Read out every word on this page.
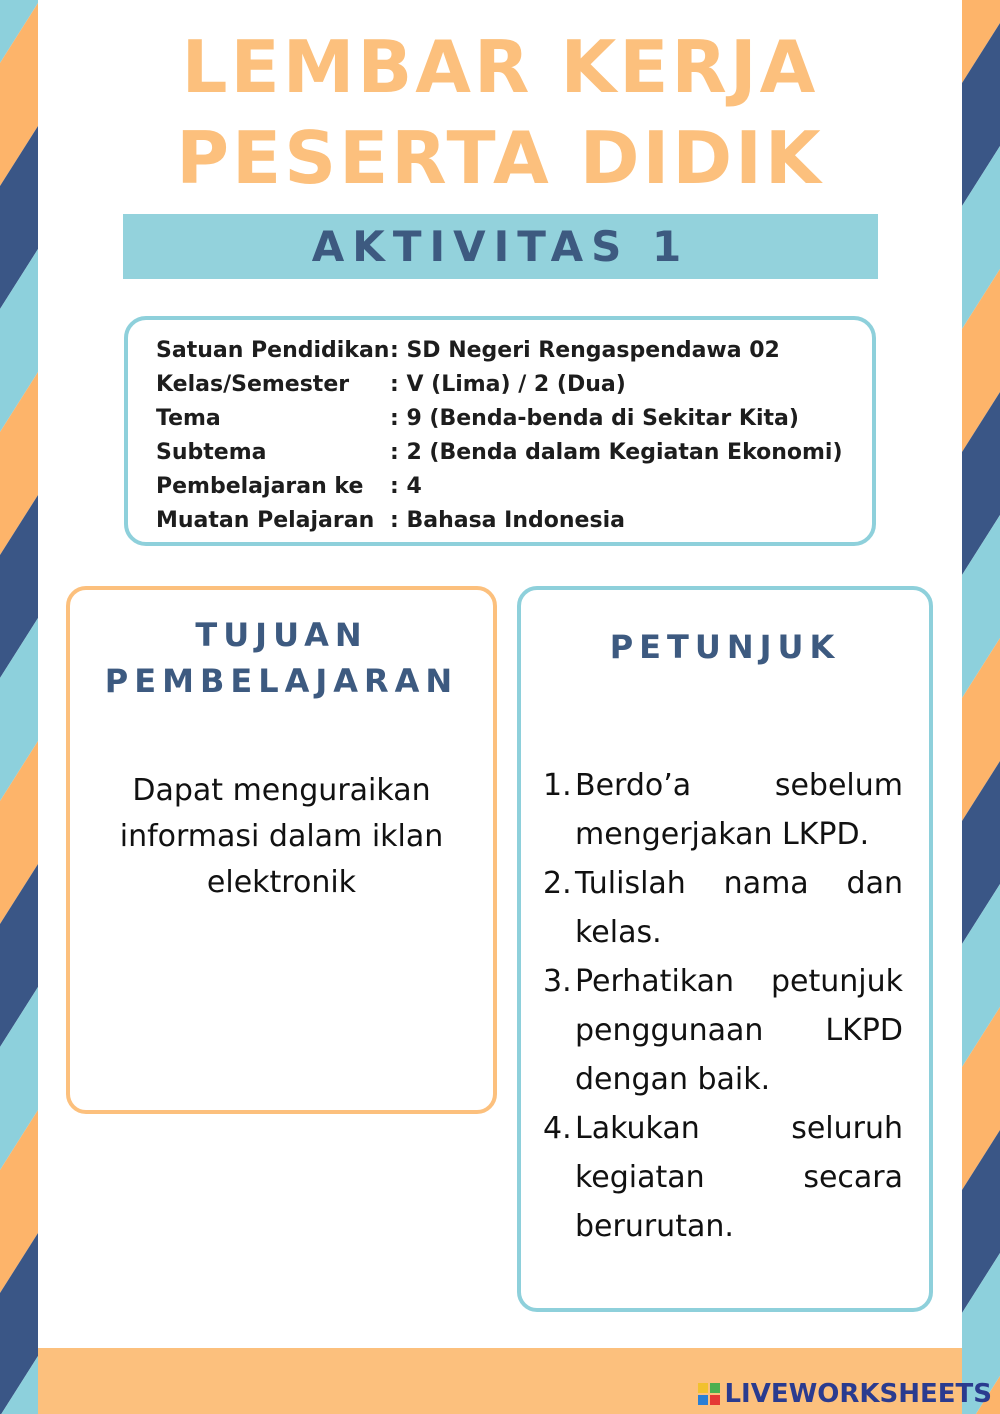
LEMBAR KERJA
PESERTA DIDIK
AKTIVITAS 1
Satuan Pendidikan : SD Negeri Rengaspendawa 02
Kelas/Semester : V (Lima) / 2 (Dua)
Tema	: 9 (Benda-benda di Sekitar Kita)
Subtema	: 2 (Benda dalam Kegiatan Ekonomi)
Pembelajaran ke : 4
Muatan Pelajaran : Bahasa Indonesia
TUJUAN
PEMBELAJARAN
Dapat menguraikan informasi dalam iklan elektronik
PETUNJUK
1. Berdo’a sebelum mengerjakan LKPD.
2. Tulislah nama dan kelas.
3. Perhatikan petunjuk penggunaan LKPD dengan baik.
4. Lakukan seluruh kegiatan secara berurutan.
LIVEWORKSHEETS
